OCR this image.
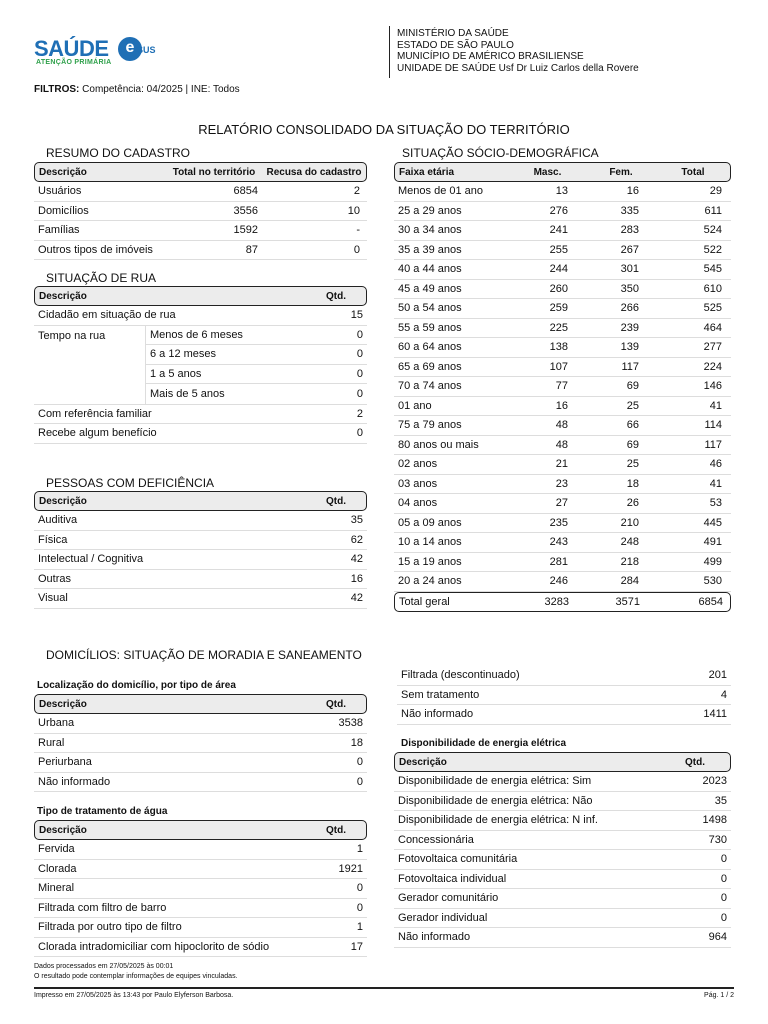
SAÚDE	e SUS
ATENÇÃO PRIMÁRIA
MINISTÉRIO DA SAÚDE
ESTADO DE SÃO PAULO
MUNICÍPIO DE AMÉRICO BRASILIENSE
UNIDADE DE SAÚDE Usf Dr Luiz Carlos della Rovere
FILTROS: Competência: 04/2025 | INE: Todos
RELATÓRIO CONSOLIDADO DA SITUAÇÃO DO TERRITÓRIO
RESUMO DO CADASTRO
Descrição	Total no território	Recusa do cadastro
Usuários	6854	2
Domicílios	3556	10
Famílias	1592	-
Outros tipos de imóveis	87	0
SITUAÇÃO DE RUA
Descrição	Qtd.
Cidadão em situação de rua	15
Tempo na rua	Menos de 6 meses	0
6 a 12 meses	0
1 a 5 anos	0
Mais de 5 anos	0
Com referência familiar	2
Recebe algum benefício	0
PESSOAS COM DEFICIÊNCIA
Descrição	Qtd.
Auditiva	35
Física	62
Intelectual / Cognitiva	42
Outras	16
Visual	42
SITUAÇÃO SÓCIO-DEMOGRÁFICA
Faixa etária	Masc.	Fem.	Total
Menos de 01 ano	13	16	29
25 a 29 anos	276	335	611
30 a 34 anos	241	283	524
35 a 39 anos	255	267	522
40 a 44 anos	244	301	545
45 a 49 anos	260	350	610
50 a 54 anos	259	266	525
55 a 59 anos	225	239	464
60 a 64 anos	138	139	277
65 a 69 anos	107	117	224
70 a 74 anos	77	69	146
01 ano	16	25	41
75 a 79 anos	48	66	114
80 anos ou mais	48	69	117
02 anos	21	25	46
03 anos	23	18	41
04 anos	27	26	53
05 a 09 anos	235	210	445
10 a 14 anos	243	248	491
15 a 19 anos	281	218	499
20 a 24 anos	246	284	530
Total geral	3283	3571	6854
DOMICÍLIOS: SITUAÇÃO DE MORADIA E SANEAMENTO
Localização do domicílio, por tipo de área
Descrição	Qtd.
Urbana	3538
Rural	18
Periurbana	0
Não informado	0
Tipo de tratamento de água
Descrição	Qtd.
Fervida	1
Clorada	1921
Mineral	0
Filtrada com filtro de barro	0
Filtrada por outro tipo de filtro	1
Clorada intradomiciliar com hipoclorito de sódio	17
Filtrada (descontinuado)	201
Sem tratamento	4
Não informado	1411
Disponibilidade de energia elétrica
Descrição	Qtd.
Disponibilidade de energia elétrica: Sim	2023
Disponibilidade de energia elétrica: Não	35
Disponibilidade de energia elétrica: N inf.	1498
Concessionária	730
Fotovoltaica comunitária	0
Fotovoltaica individual	0
Gerador comunitário	0
Gerador individual	0
Não informado	964
Dados processados em 27/05/2025 às 00:01
O resultado pode contemplar informações de equipes vinculadas.
Impresso em 27/05/2025 às 13:43 por Paulo Elyferson Barbosa.	Pág. 1 / 2
